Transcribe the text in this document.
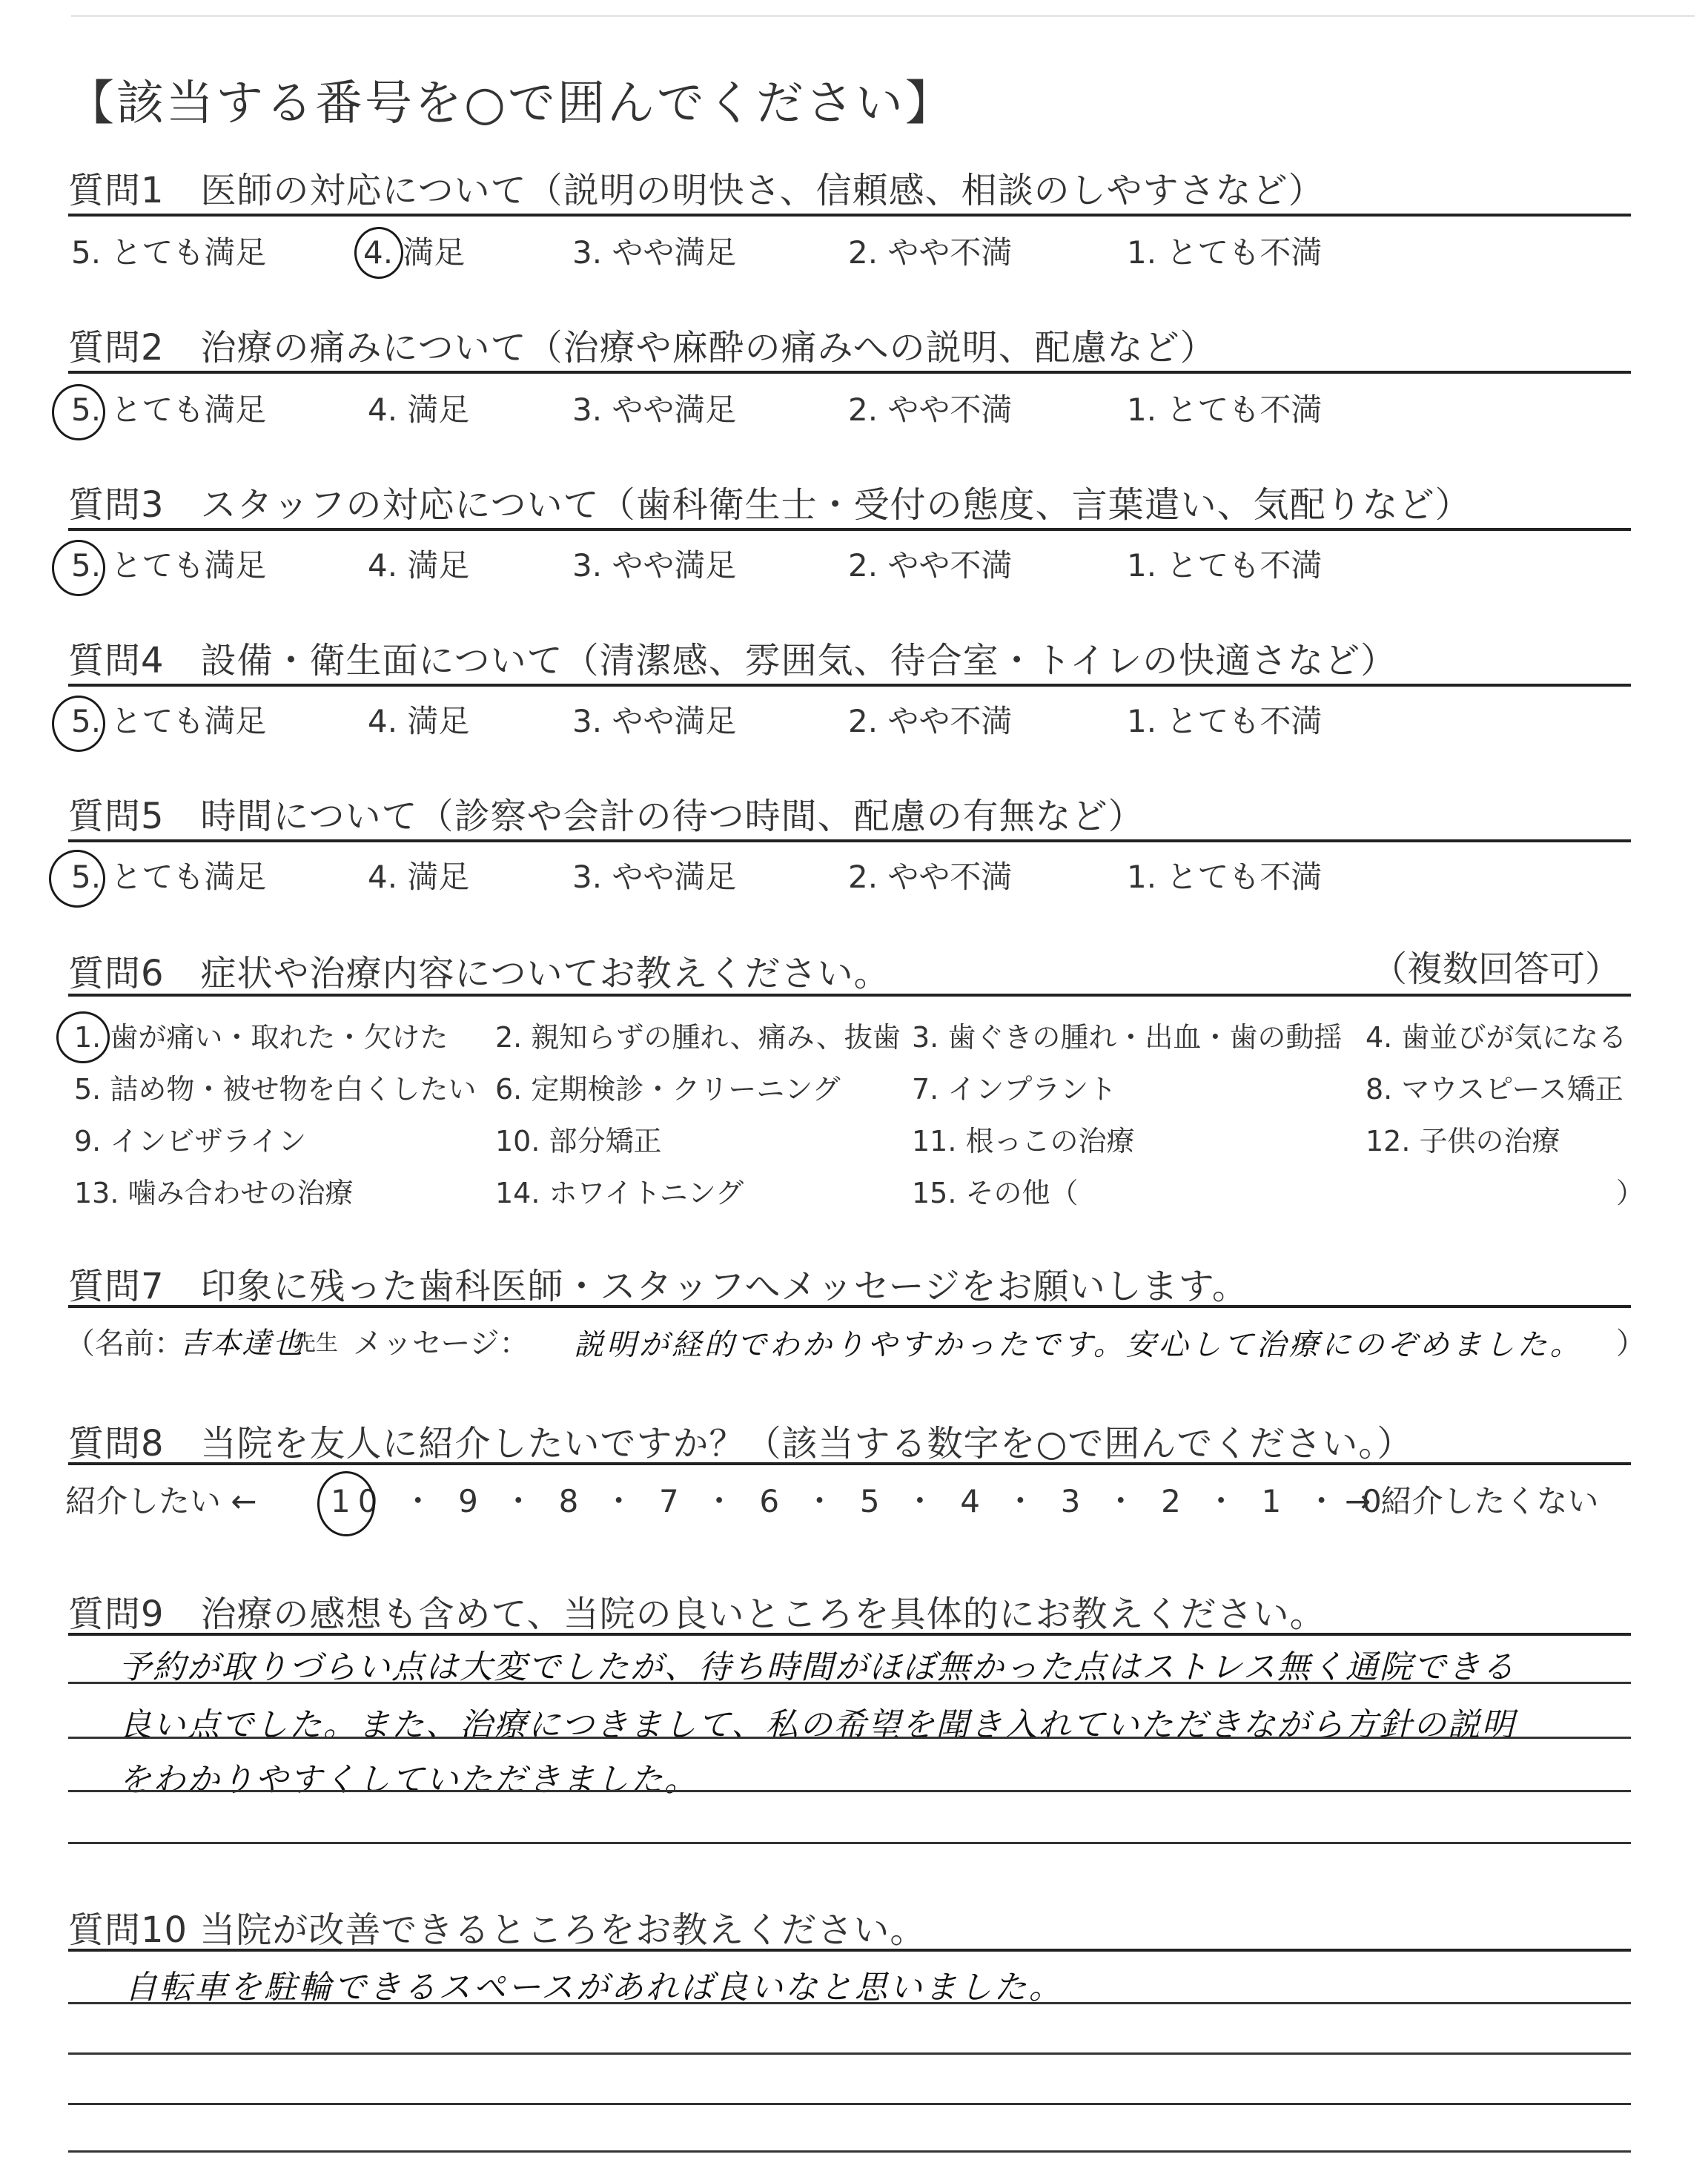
【該当する番号を○で囲んでください】
質問1　医師の対応について（説明の明快さ、信頼感、相談のしやすさなど）
5. とても満足	4. 満足	3. やや満足	2. やや不満	1. とても不満
質問2　治療の痛みについて（治療や麻酔の痛みへの説明、配慮など）
5. とても満足	4. 満足	3. やや満足	2. やや不満	1. とても不満
質問3　スタッフの対応について（歯科衛生士・受付の態度、言葉遣い、気配りなど）
5. とても満足	4. 満足	3. やや満足	2. やや不満	1. とても不満
質問4　設備・衛生面について（清潔感、雰囲気、待合室・トイレの快適さなど）
5. とても満足	4. 満足	3. やや満足	2. やや不満	1. とても不満
質問5　時間について（診察や会計の待つ時間、配慮の有無など）
5. とても満足	4. 満足	3. やや満足	2. やや不満	1. とても不満
質問6　症状や治療内容についてお教えください。	（複数回答可）
1. 歯が痛い・取れた・欠けた 2. 親知らずの腫れ、痛み、抜歯 3. 歯ぐきの腫れ・出血・歯の動揺 4. 歯並びが気になる
5. 詰め物・被せ物を白くしたい 6. 定期検診・クリーニング	7. インプラント	8. マウスピース矯正
9. インビザライン	10. 部分矯正	11. 根っこの治療	12. 子供の治療
13. 噛み合わせの治療	14. ホワイトニング	15. その他（	）
質問7　印象に残った歯科医師・スタッフへメッセージをお願いします。
（名前：
吉本達也
先生 メッセージ： 説明が経的でわかりやすかったです。安心して治療にのぞめました。 ）
質問8　当院を友人に紹介したいですか？（該当する数字を○で囲んでください。）
紹介したい ← 10 ・ 9 ・ 8 ・ 7 ・ 6 ・ 5 ・ 4 ・ 3 ・ 2 ・ 1 ・ 0
→ 紹介したくない
質問9　治療の感想も含めて、当院の良いところを具体的にお教えください。
予約が取りづらい点は大変でしたが、待ち時間がほぼ無かった点はストレス無く通院できる
良い点でした。また、治療につきまして、私の希望を聞き入れていただきながら方針の説明
をわかりやすくしていただきました。
質問10 当院が改善できるところをお教えください。
自転車を駐輪できるスペースがあれば良いなと思いました。
